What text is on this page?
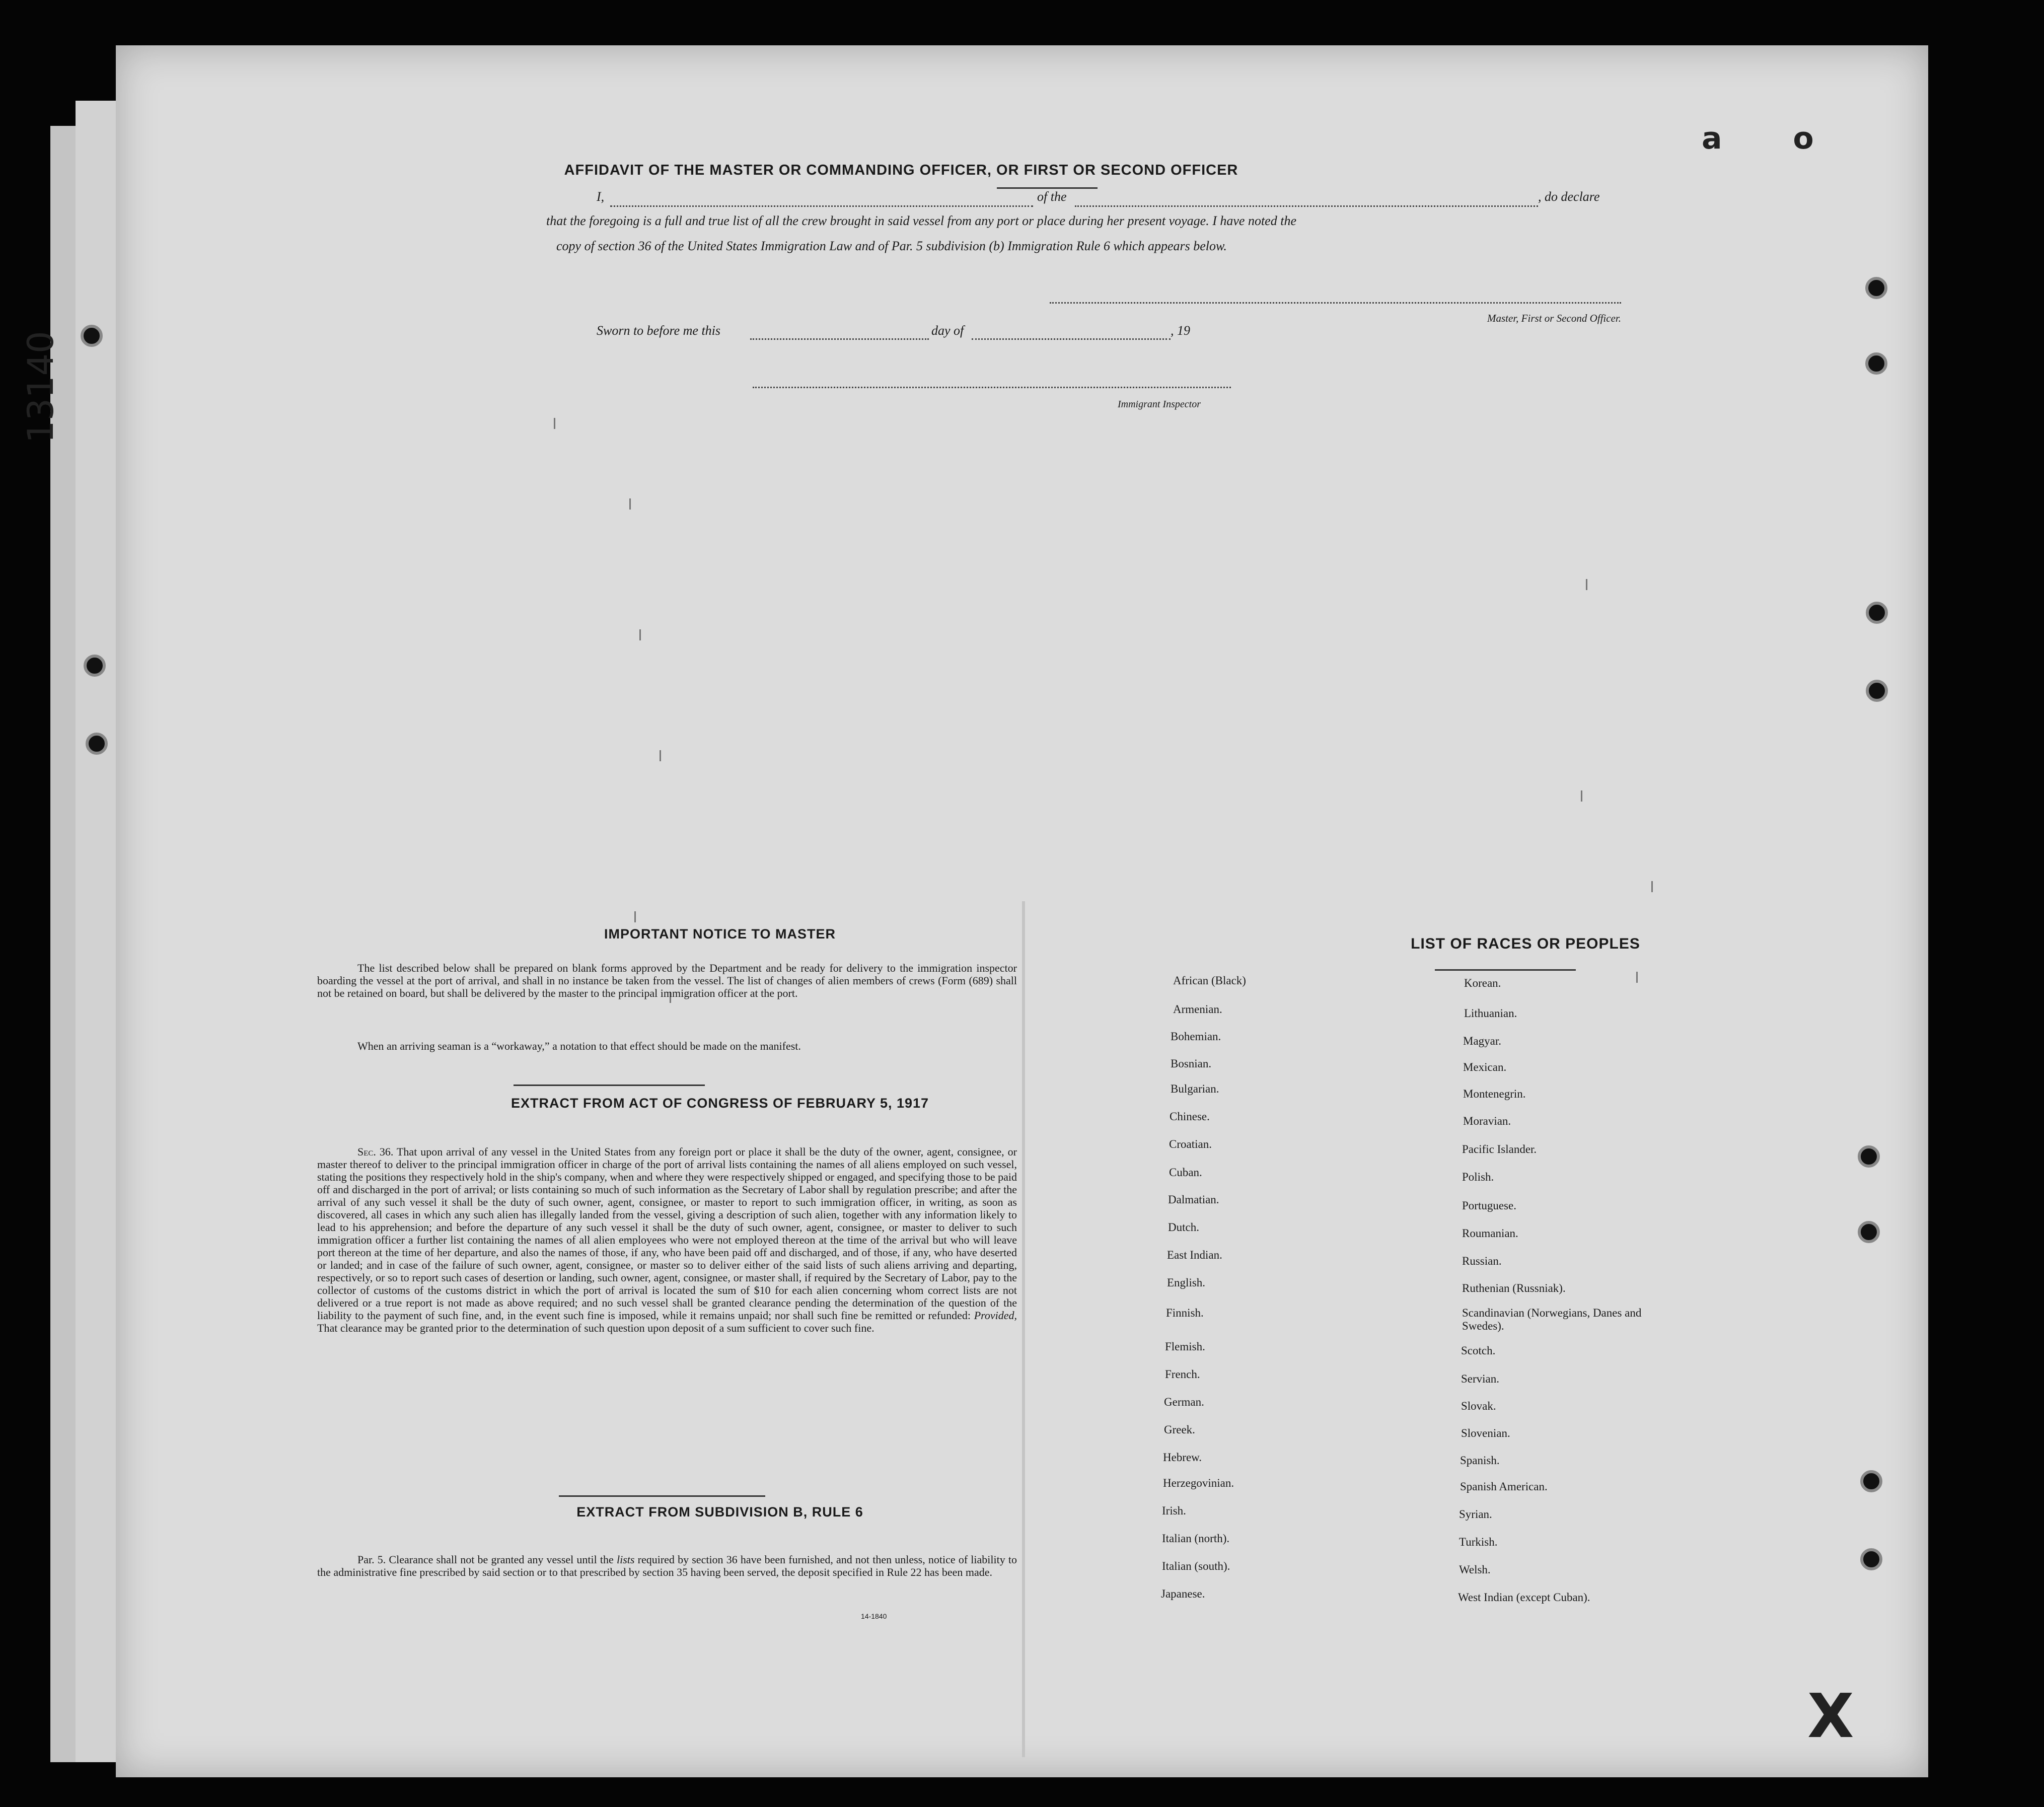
13140
a o
AFFIDAVIT OF THE MASTER OR COMMANDING OFFICER, OR FIRST OR SECOND OFFICER
I,	of the	, do declare
that the foregoing is a full and true list of all the crew brought in said vessel from any port or place during her present voyage. I have noted the
copy of section 36 of the United States Immigration Law and of Par. 5 subdivision (b) Immigration Rule 6 which appears below.
Master, First or Second Officer.
Sworn to before me this	day of	, 19
Immigrant Inspector
IMPORTANT NOTICE TO MASTER
The list described below shall be prepared on blank forms approved by the Department and be ready for delivery to the immigration inspector boarding the vessel at the port of arrival, and shall in no instance be taken from the vessel. The list of changes of alien members of crews (Form (689) shall not be retained on board, but shall be delivered by the master to the principal immigration officer at the port.
When an arriving seaman is a “workaway,” a notation to that effect should be made on the manifest.
EXTRACT FROM ACT OF CONGRESS OF FEBRUARY 5, 1917
Sec. 36. That upon arrival of any vessel in the United States from any foreign port or place it shall be the duty of the owner, agent, consignee, or master thereof to deliver to the principal immigration officer in charge of the port of arrival lists containing the names of all aliens employed on such vessel, stating the positions they respectively hold in the ship's company, when and where they were respectively shipped or engaged, and specifying those to be paid off and discharged in the port of arrival; or lists containing so much of such information as the Secretary of Labor shall by regulation prescribe; and after the arrival of any such vessel it shall be the duty of such owner, agent, consignee, or master to report to such immigration officer, in writing, as soon as discovered, all cases in which any such alien has illegally landed from the vessel, giving a description of such alien, together with any information likely to lead to his apprehension; and before the departure of any such vessel it shall be the duty of such owner, agent, consignee, or master to deliver to such immigration officer a further list containing the names of all alien employees who were not employed thereon at the time of the arrival but who will leave port thereon at the time of her departure, and also the names of those, if any, who have been paid off and discharged, and of those, if any, who have deserted or landed; and in case of the failure of such owner, agent, consignee, or master so to deliver either of the said lists of such aliens arriving and departing, respectively, or so to report such cases of desertion or landing, such owner, agent, consignee, or master shall, if required by the Secretary of Labor, pay to the collector of customs of the customs district in which the port of arrival is located the sum of $10 for each alien concerning whom correct lists are not delivered or a true report is not made as above required; and no such vessel shall be granted clearance pending the determination of the question of the liability to the payment of such fine, and, in the event such fine is imposed, while it remains unpaid; nor shall such fine be remitted or refunded: Provided, That clearance may be granted prior to the determination of such question upon deposit of a sum sufficient to cover such fine.
EXTRACT FROM SUBDIVISION B, RULE 6
Par. 5. Clearance shall not be granted any vessel until the lists required by section 36 have been furnished, and not then unless, notice of liability to the administrative fine prescribed by said section or to that prescribed by section 35 having been served, the deposit specified in Rule 22 has been made.
14-1840
LIST OF RACES OR PEOPLES
African (Black)
Armenian.
Bohemian.
Bosnian.
Bulgarian.
Chinese.
Croatian.
Cuban.
Dalmatian.
Dutch.
East Indian.
English.
Finnish.
Flemish.
French.
German.
Greek.
Hebrew.
Herzegovinian.
Irish.
Italian (north).
Italian (south).
Japanese.
Korean.
Lithuanian.
Magyar.
Mexican.
Montenegrin.
Moravian.
Pacific Islander.
Polish.
Portuguese.
Roumanian.
Russian.
Ruthenian (Russniak).
Scandinavian (Norwegians, Danes and Swedes).
Scotch.
Servian.
Slovak.
Slovenian.
Spanish.
Spanish American.
Syrian.
Turkish.
Welsh.
West Indian (except Cuban).
X
